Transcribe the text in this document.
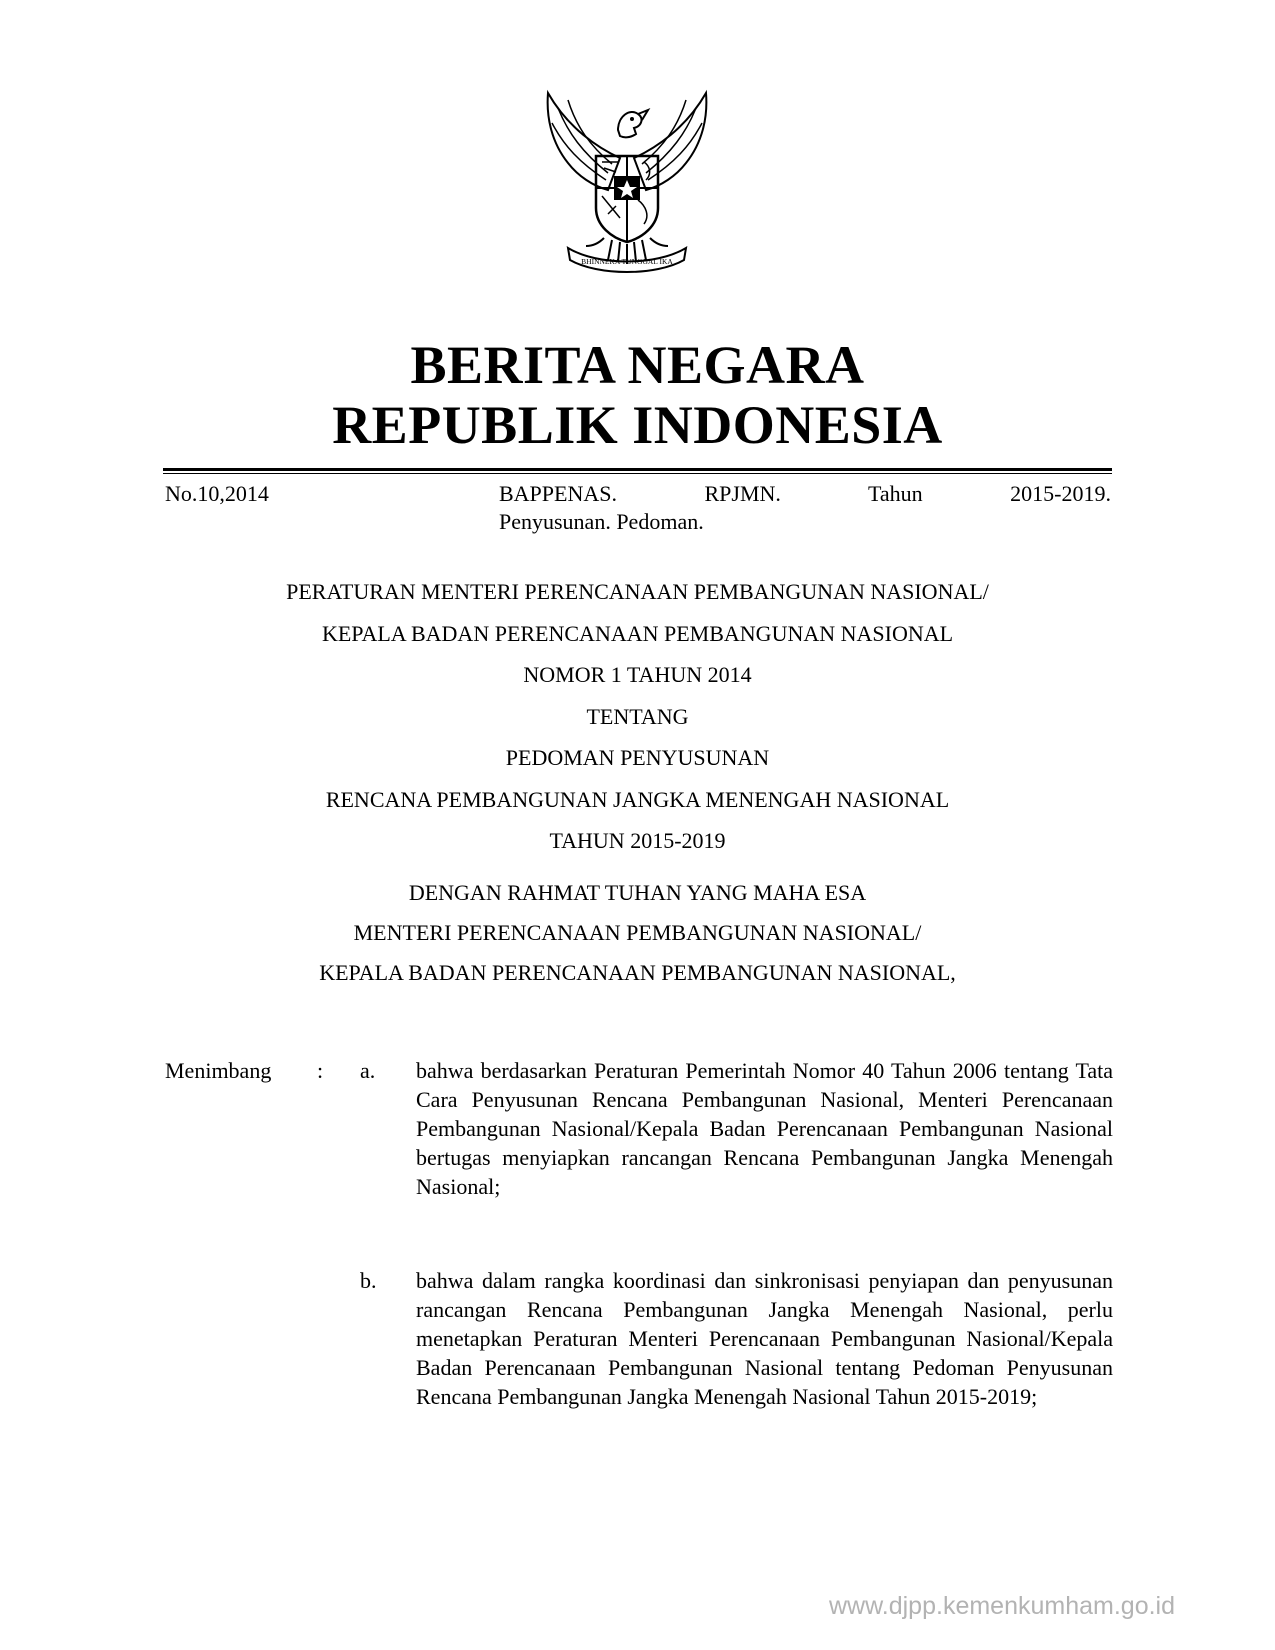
BHINNEKA TUNGGAL IKA
BERITA NEGARA
REPUBLIK INDONESIA
No.10,2014	BAPPENAS. RPJMN. Tahun 2015-2019.
Penyusunan. Pedoman.
PERATURAN MENTERI PERENCANAAN PEMBANGUNAN NASIONAL/
KEPALA BADAN PERENCANAAN PEMBANGUNAN NASIONAL
NOMOR 1 TAHUN 2014
TENTANG
PEDOMAN PENYUSUNAN
RENCANA PEMBANGUNAN JANGKA MENENGAH NASIONAL
TAHUN 2015-2019
DENGAN RAHMAT TUHAN YANG MAHA ESA
MENTERI PERENCANAAN PEMBANGUNAN NASIONAL/
KEPALA BADAN PERENCANAAN PEMBANGUNAN NASIONAL,
Menimbang : a. bahwa berdasarkan Peraturan Pemerintah Nomor 40 Tahun 2006 tentang Tata Cara Penyusunan Rencana Pembangunan Nasional, Menteri Perencanaan Pembangunan Nasional/Kepala Badan Perencanaan Pembangunan Nasional bertugas menyiapkan rancangan Rencana Pembangunan Jangka Menengah Nasional;
b. bahwa dalam rangka koordinasi dan sinkronisasi penyiapan dan penyusunan rancangan Rencana Pembangunan Jangka Menengah Nasional, perlu menetapkan Peraturan Menteri Perencanaan Pembangunan Nasional/Kepala Badan Perencanaan Pembangunan Nasional tentang Pedoman Penyusunan Rencana Pembangunan Jangka Menengah Nasional Tahun 2015-2019;
www.djpp.kemenkumham.go.id
